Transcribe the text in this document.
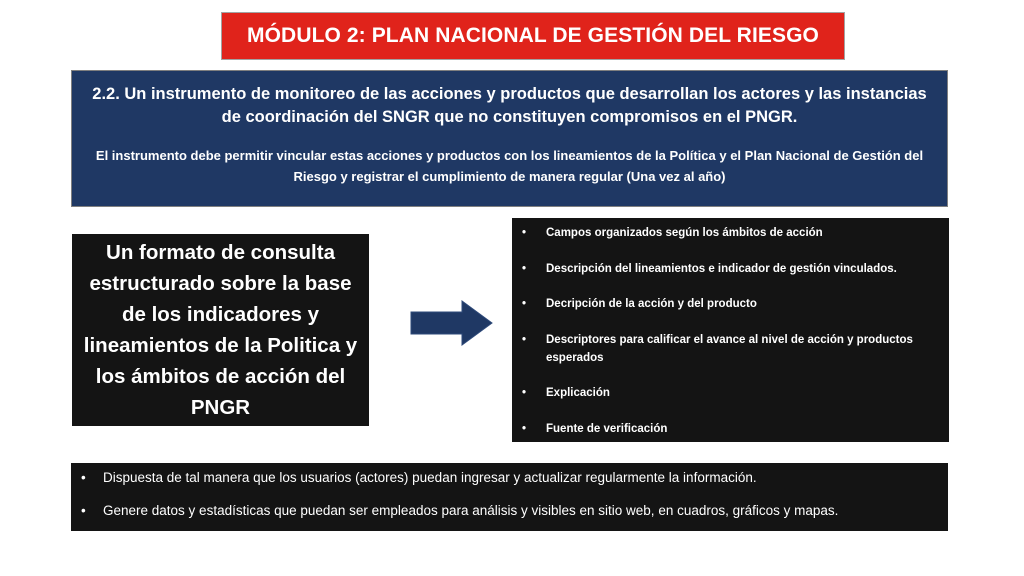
MÓDULO 2: PLAN NACIONAL DE GESTIÓN DEL RIESGO

2.2. Un instrumento de monitoreo de las acciones y productos que desarrollan los actores y las instancias de coordinación del SNGR que no constituyen compromisos en el PNGR.

El instrumento debe permitir vincular estas acciones y productos con los lineamientos de la Política y el Plan Nacional de Gestión del Riesgo y registrar el cumplimiento de manera regular (Una vez al año)

Un formato de consulta estructurado sobre la base de los indicadores y lineamientos de la Politica y los ámbitos de acción del PNGR
• Campos organizados según los ámbitos de acción
• Descripción del lineamientos e indicador de gestión vinculados.
• Decripción de la acción y del producto
• Descriptores para calificar el avance al nivel de acción y productos esperados
• Explicación
• Fuente de verificación
• Dispuesta de tal manera que los usuarios (actores) puedan ingresar y actualizar regularmente la información.
• Genere datos y estadísticas que puedan ser empleados para análisis y visibles en sitio web, en cuadros, gráficos y mapas.
